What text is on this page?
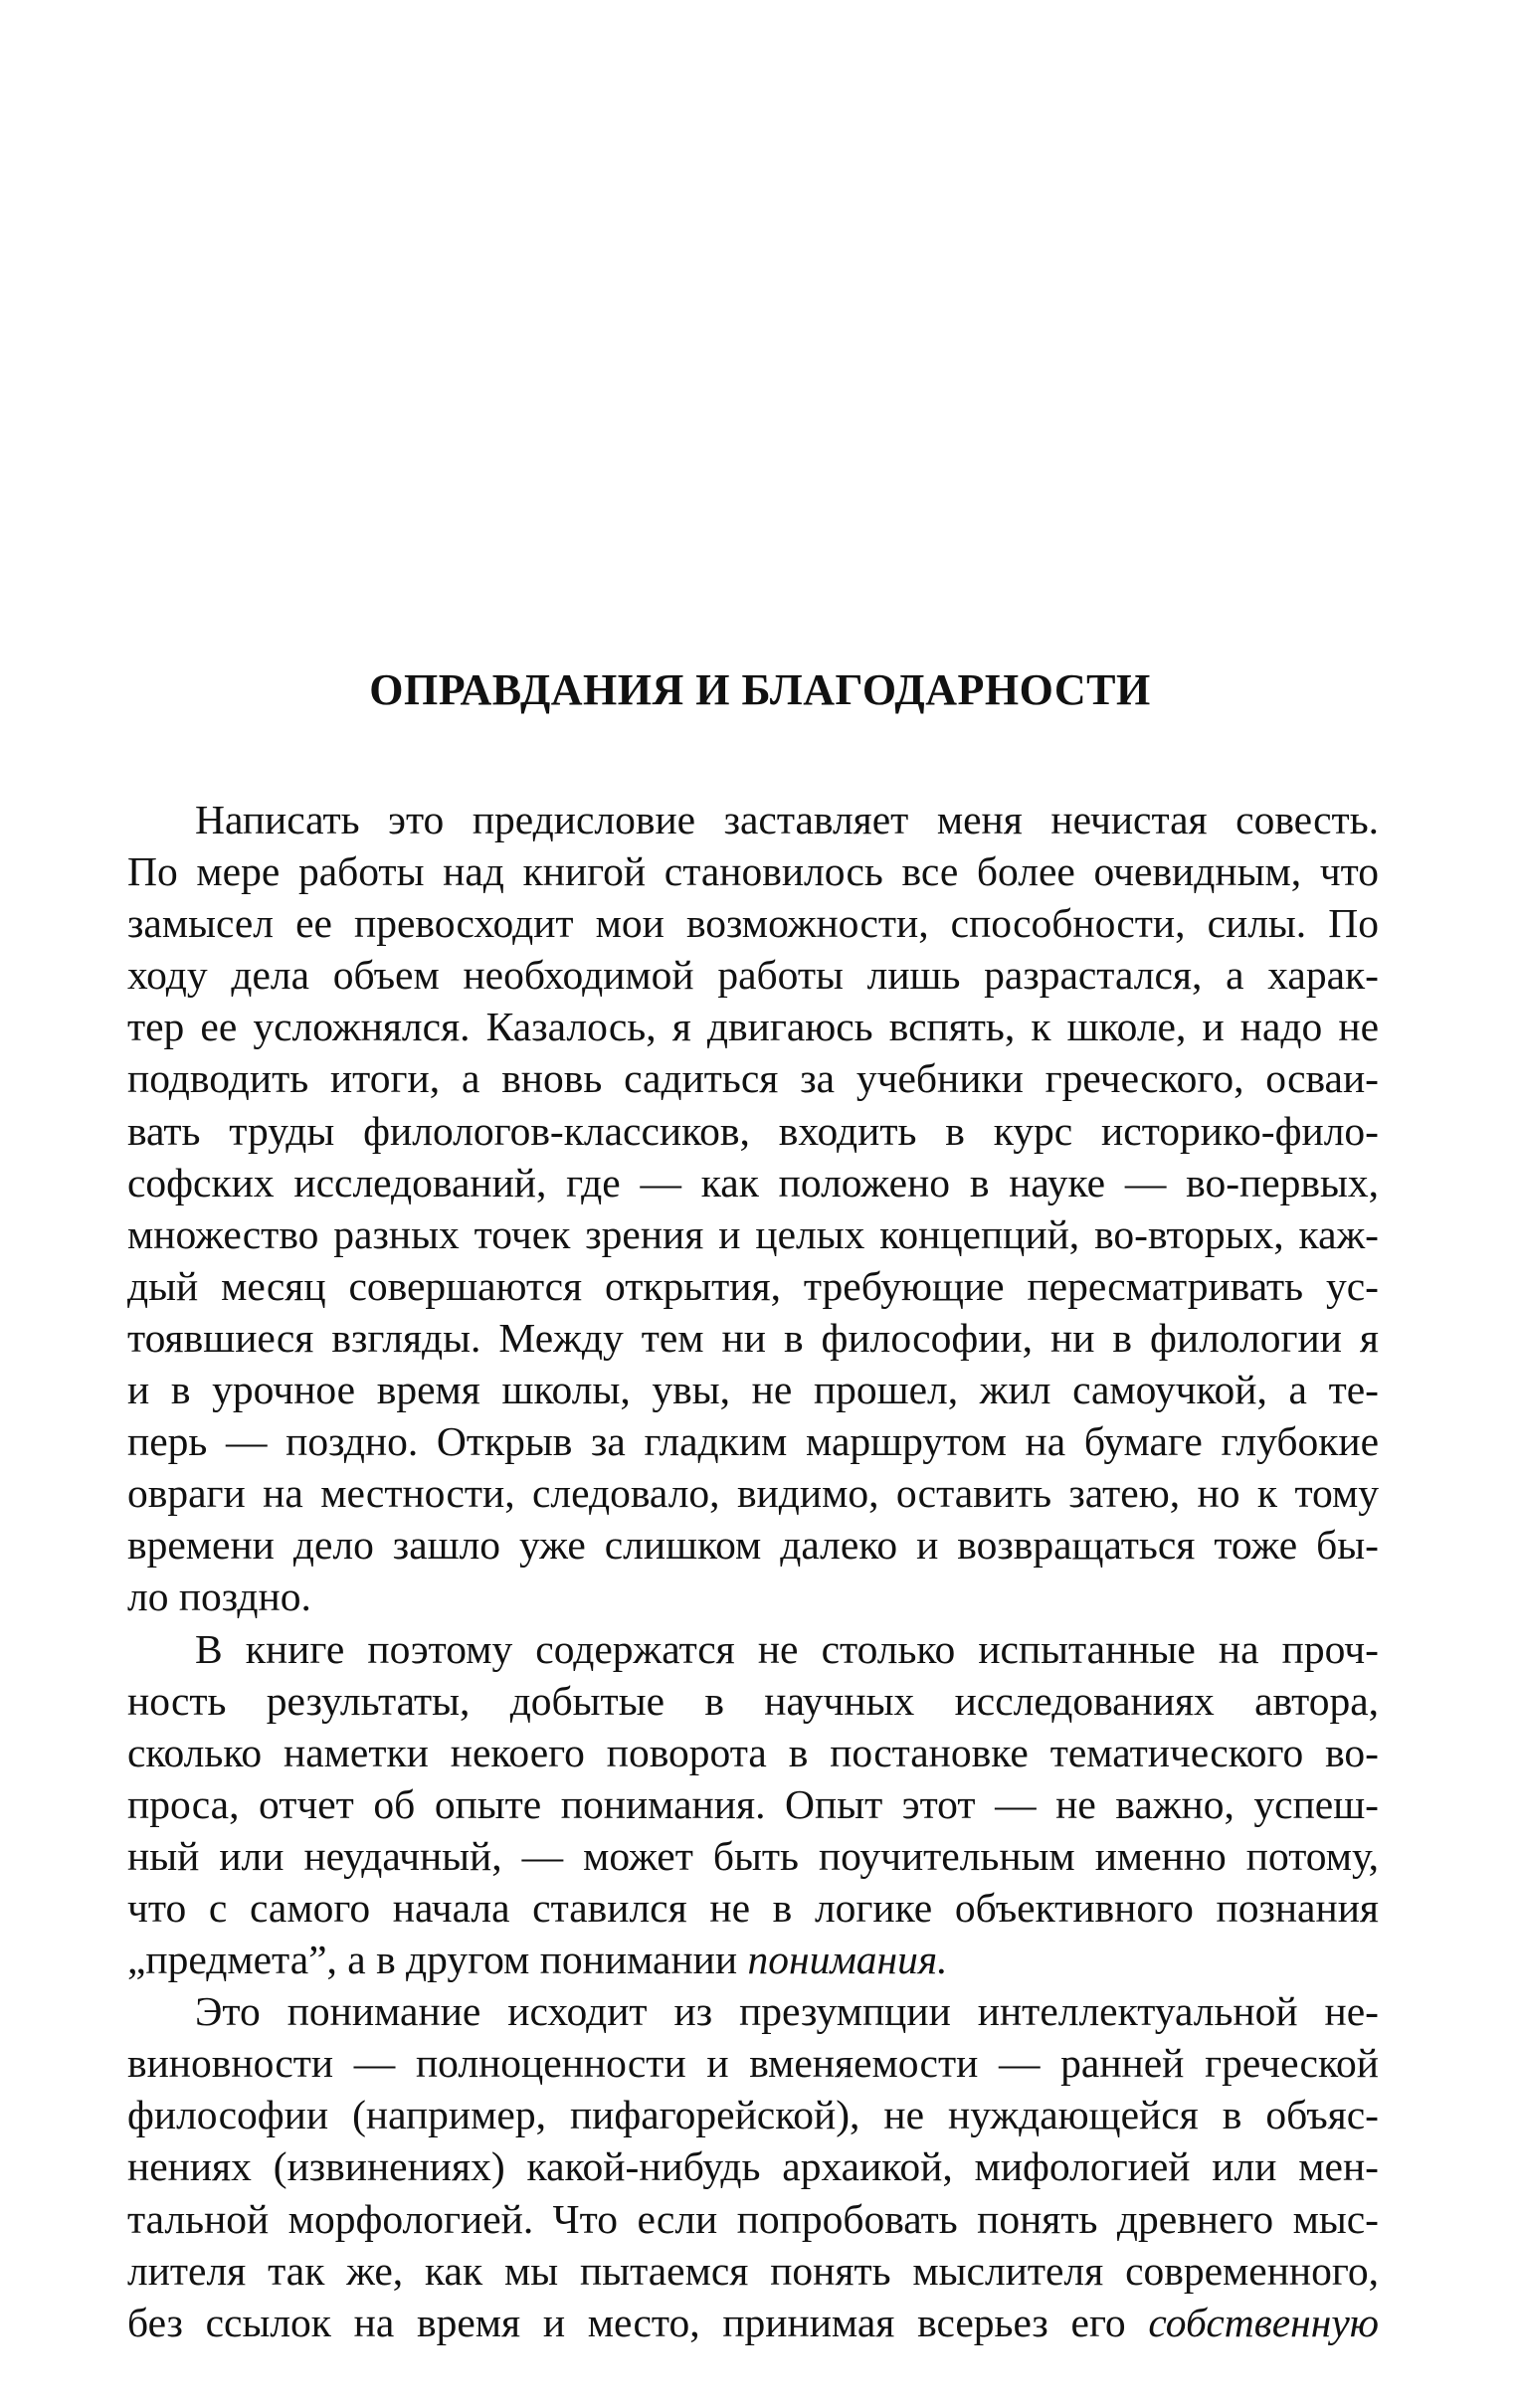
ОПРАВДАНИЯ И БЛАГОДАРНОСТИ
Написать это предисловие заставляет меня нечистая совесть.
По мере работы над книгой становилось все более очевидным, что
замысел ее превосходит мои возможности, способности, силы. По
ходу дела объем необходимой работы лишь разрастался, а харак-
тер ее усложнялся. Казалось, я двигаюсь вспять, к школе, и надо не
подводить итоги, а вновь садиться за учебники греческого, осваи-
вать труды филологов-классиков, входить в курс историко-фило-
софских исследований, где — как положено в науке — во-первых,
множество разных точек зрения и целых концепций, во-вторых, каж-
дый месяц совершаются открытия, требующие пересматривать ус-
тоявшиеся взгляды. Между тем ни в философии, ни в филологии я
и в урочное время школы, увы, не прошел, жил самоучкой, а те-
перь — поздно. Открыв за гладким маршрутом на бумаге глубокие
овраги на местности, следовало, видимо, оставить затею, но к тому
времени дело зашло уже слишком далеко и возвращаться тоже бы-
ло поздно.
В книге поэтому содержатся не столько испытанные на проч-
ность результаты, добытые в научных исследованиях автора,
сколько наметки некоего поворота в постановке тематического во-
проса, отчет об опыте понимания. Опыт этот — не важно, успеш-
ный или неудачный, — может быть поучительным именно потому,
что с самого начала ставился не в логике объективного познания
„предмета”, а в другом понимании понимания.
Это понимание исходит из презумпции интеллектуальной не-
виновности — полноценности и вменяемости — ранней греческой
философии (например, пифагорейской), не нуждающейся в объяс-
нениях (извинениях) какой-нибудь архаикой, мифологией или мен-
тальной морфологией. Что если попробовать понять древнего мыс-
лителя так же, как мы пытаемся понять мыслителя современного,
без ссылок на время и место, принимая всерьез его собственную
